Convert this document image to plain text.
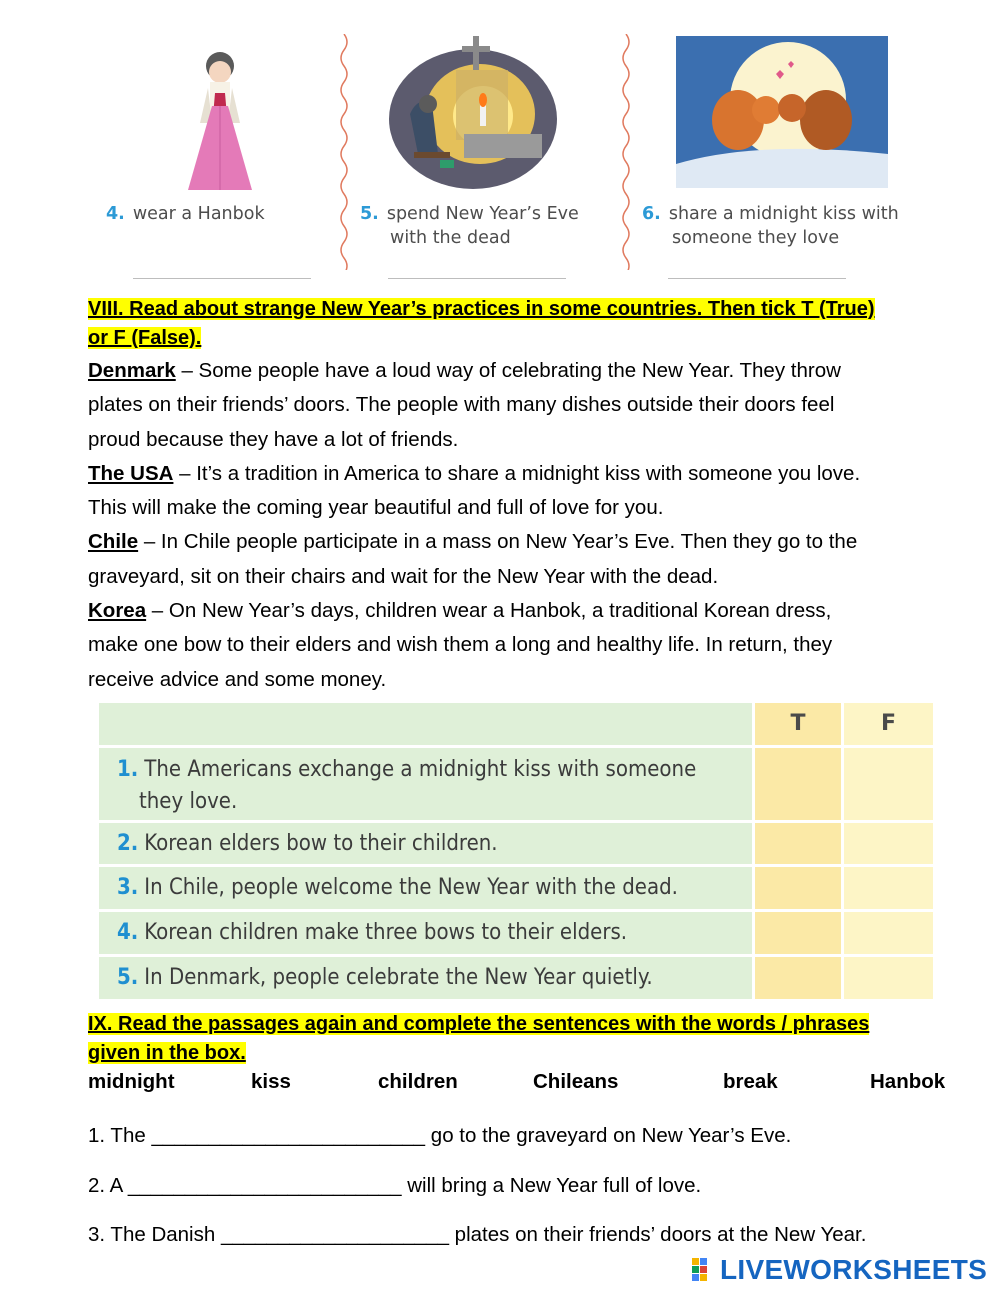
4. wear a Hanbok	5. spend New Year’s Eve
with the dead
6. share a midnight kiss with
someone they love
VIII. Read about strange New Year’s practices in some countries. Then tick T (True)
or F (False).

Denmark – Some people have a loud way of celebrating the New Year. They throw

plates on their friends’ doors. The people with many dishes outside their doors feel

proud because they have a lot of friends.

The USA – It’s a tradition in America to share a midnight kiss with someone you love.

This will make the coming year beautiful and full of love for you.

Chile – In Chile people participate in a mass on New Year’s Eve. Then they go to the

graveyard, sit on their chairs and wait for the New Year with the dead.

Korea – On New Year’s days, children wear a Hanbok, a traditional Korean dress,

make one bow to their elders and wish them a long and healthy life. In return, they

receive advice and some money.

T	F
1. The Americans exchange a midnight kiss with someone
they love.
2. Korean elders bow to their children.
3. In Chile, people welcome the New Year with the dead.
4. Korean children make three bows to their elders.
5. In Denmark, people celebrate the New Year quietly.
IX. Read the passages again and complete the sentences with the words / phrases
given in the box.
midnight	kiss	children	Chileans	break	Hanbok
1. The ________________________ go to the graveyard on New Year’s Eve.
2. A ________________________ will bring a New Year full of love.
3. The Danish ____________________ plates on their friends’ doors at the New Year.
LIVEWORKSHEETS
